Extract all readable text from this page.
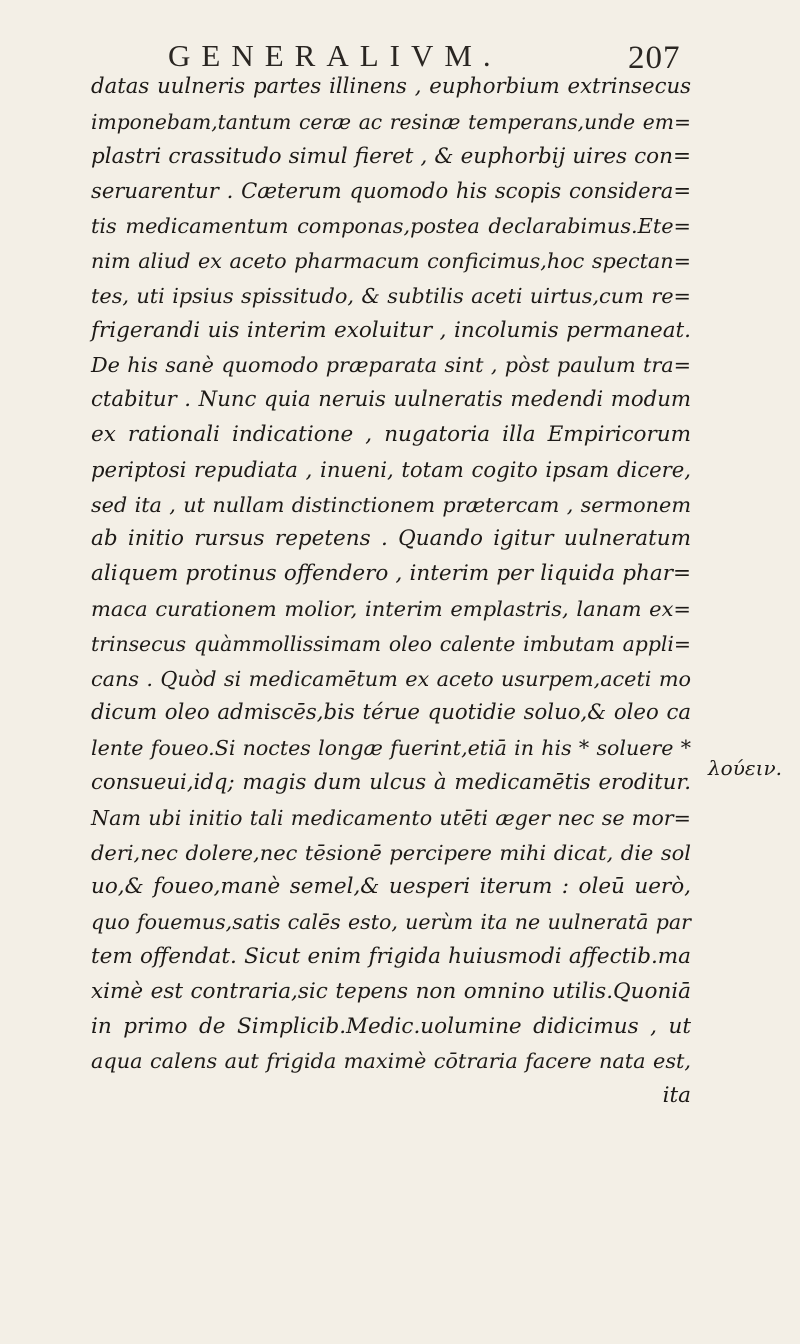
GENERALIVM.	207
datas uulneris partes illinens , euphorbium extrinsecus
imponebam,tantum ceræ ac resinæ temperans,unde em=
plastri crassitudo simul fieret , & euphorbij uires con=
seruarentur . Cæterum quomodo his scopis considera=
tis medicamentum componas,postea declarabimus.Ete=
nim aliud ex aceto pharmacum conficimus,hoc spectan=
tes, uti ipsius spissitudo, & subtilis aceti uirtus,cum re=
frigerandi uis interim exoluitur , incolumis permaneat.
De his sanè quomodo præparata sint , pòst paulum tra=
ctabitur . Nunc quia neruis uulneratis medendi modum
ex rationali indicatione , nugatoria illa Empiricorum
periptosi repudiata , inueni, totam cogito ipsam dicere,
sed ita , ut nullam distinctionem prætercam , sermonem
ab initio rursus repetens . Quando igitur uulneratum
aliquem protinus offendero , interim per liquida phar=
maca curationem molior, interim emplastris, lanam ex=
trinsecus quàmmollissimam oleo calente imbutam appli=
cans . Quòd si medicamētum ex aceto usurpem,aceti mo
dicum oleo admiscēs,bis térue quotidie soluo,& oleo ca
lente foueo.Si noctes longæ fuerint,etiā in his * soluere *
consueui,idq; magis dum ulcus à medicamētis eroditur.
Nam ubi initio tali medicamento utēti æger nec se mor=
deri,nec dolere,nec tēsionē percipere mihi dicat, die sol
uo,& foueo,manè semel,& uesperi iterum : oleū uerò,
quo fouemus,satis calēs esto, uerùm ita ne uulneratā par
tem offendat. Sicut enim frigida huiusmodi affectib.ma
ximè est contraria,sic tepens non omnino utilis.Quoniā
in primo de Simplicib.Medic.uolumine didicimus , ut
aqua calens aut frigida maximè cōtraria facere nata est,
ita
λούειν.
